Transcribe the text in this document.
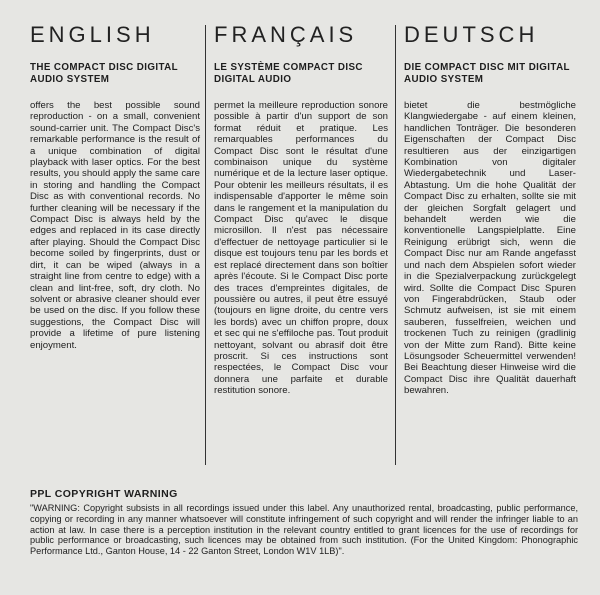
ENGLISH
THE COMPACT DISC DIGITAL AUDIO SYSTEM

offers the best possible sound reproduction - on a small, convenient sound-carrier unit. The Compact Disc's remarkable performance is the result of a unique combination of digital playback with laser optics. For the best results, you should apply the same care in storing and handling the Compact Disc as with conventional records. No further cleaning will be necessary if the Compact Disc is always held by the edges and replaced in its case directly after playing. Should the Compact Disc become soiled by fingerprints, dust or dirt, it can be wiped (always in a straight line from centre to edge) with a clean and lint-free, soft, dry cloth. No solvent or abrasive cleaner should ever be used on the disc. If you follow these suggestions, the Compact Disc will provide a lifetime of pure listening enjoyment.

FRANÇAIS
LE SYSTÈME COMPACT DISC DIGITAL AUDIO

permet la meilleure reproduction sonore possible à partir d'un support de son format réduit et pratique. Les remarquables performances du Compact Disc sont le résultat d'une combinaison unique du système numérique et de la lecture laser optique. Pour obtenir les meilleurs résultats, il es indispensable d'apporter le même soin dans le rangement et la manipulation du Compact Disc qu'avec le disque microsillon. Il n'est pas nécessaire d'effectuer de nettoyage particulier si le disque est toujours tenu par les bords et est replacé directement dans son boîtier après l'écoute. Si le Compact Disc porte des traces d'empreintes digitales, de poussière ou autres, il peut être essuyé (toujours en ligne droite, du centre vers les bords) avec un chiffon propre, doux et sec qui ne s'effiloche pas. Tout produit nettoyant, solvant ou abrasif doit être proscrit. Si ces instructions sont respectées, le Compact Disc vour donnera une parfaite et durable restitution sonore.

DEUTSCH
DIE COMPACT DISC MIT DIGITAL AUDIO SYSTEM

bietet die bestmögliche Klangwiedergabe - auf einem kleinen, handlichen Tonträger. Die besonderen Eigenschaften der Compact Disc resultieren aus der einzigartigen Kombination von digitaler Wiedergabetechnik und Laser-Abtastung. Um die hohe Qualität der Compact Disc zu erhalten, sollte sie mit der gleichen Sorgfalt gelagert und behandelt werden wie die konventionelle Langspielplatte. Eine Reinigung erübrigt sich, wenn die Compact Disc nur am Rande angefasst und nach dem Abspielen sofort wieder in die Spezialverpackung zurückgelegt wird. Sollte die Compact Disc Spuren von Fingerabdrücken, Staub oder Schmutz aufweisen, ist sie mit einem sauberen, fusselfreien, weichen und trockenen Tuch zu reinigen (gradlinig von der Mitte zum Rand). Bitte keine Lösungsoder Scheuermittel verwenden! Bei Beachtung dieser Hinweise wird die Compact Disc ihre Qualität dauerhaft bewahren.

PPL COPYRIGHT WARNING

"WARNING: Copyright subsists in all recordings issued under this label. Any unauthorized rental, broadcasting, public performance, copying or recording in any manner whatsoever will constitute infringement of such copyright and will render the infringer liable to an action at law. In case there is a perception institution in the relevant country entitled to grant licences for the use of recordings for public performance or broadcasting, such licences may be obtained from such institution. (For the United Kingdom: Phonographic Performance Ltd., Ganton House, 14 - 22 Ganton Street, London W1V 1LB)".
